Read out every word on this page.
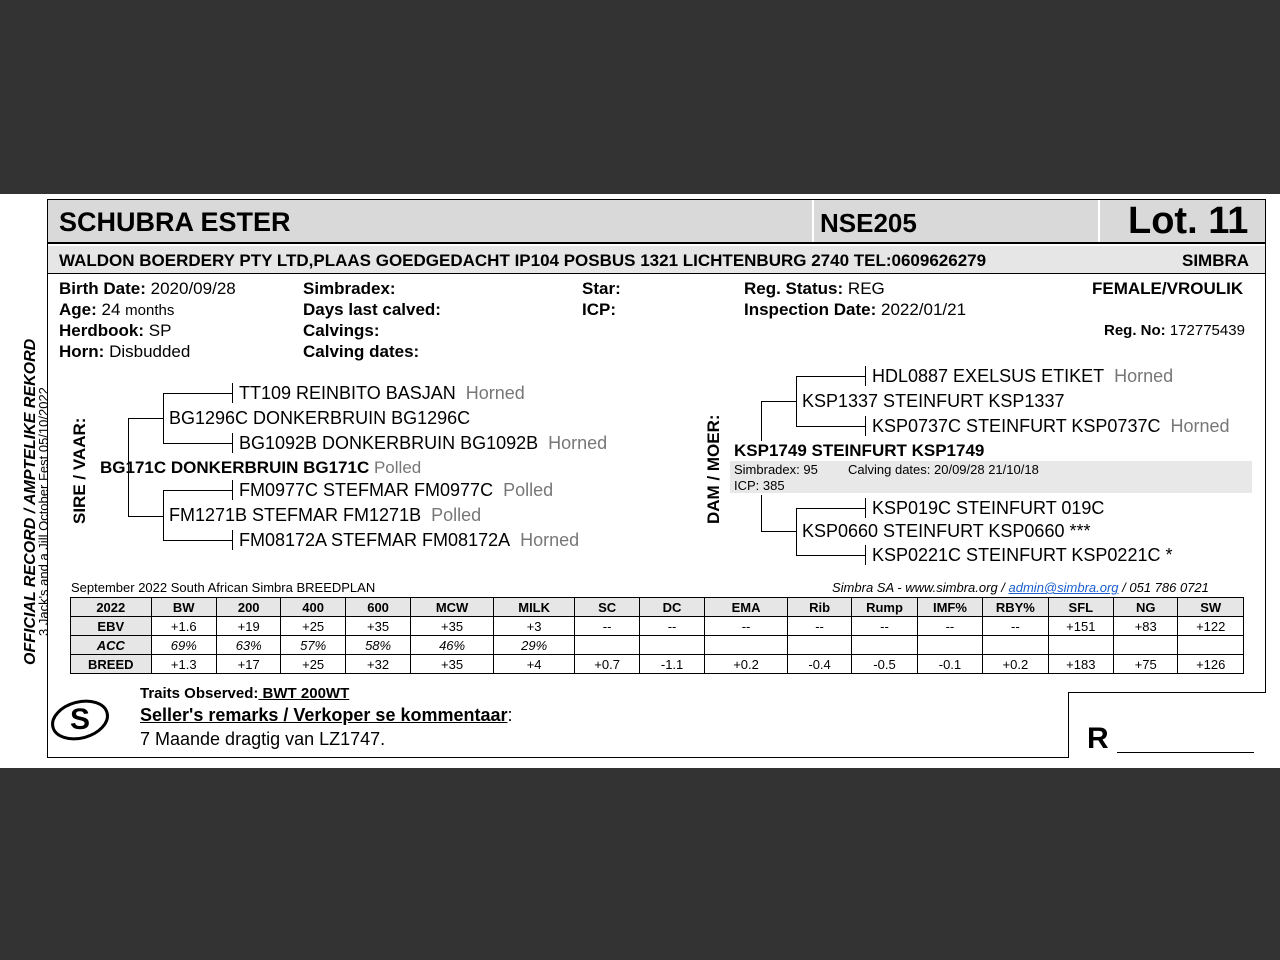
SCHUBRA ESTER	NSE205	Lot. 11
WALDON BOERDERY PTY LTD,PLAAS GOEDGEDACHT IP104 POSBUS 1321 LICHTENBURG 2740 TEL:0609626279	SIMBRA
Birth Date: 2020/09/28
Age: 24 months
Herdbook: SP
Horn: Disbudded
Simbradex:
Days last calved:
Calvings:
Calving dates:
Star:
ICP:
Reg. Status: REG
Inspection Date: 2022/01/21
FEMALE/VROULIK
Reg. No: 172775439
OFFICIAL RECORD / AMPTELIKE REKORD
3 Jack's and a Jill October Fest 05/10/2022 SIRE / VAAR:	DAM / MOER:
TT109 REINBITO BASJAN Horned
BG1296C DONKERBRUIN BG1296C
BG1092B DONKERBRUIN BG1092B Horned
BG171C DONKERBRUIN BG171C Polled
FM0977C STEFMAR FM0977C Polled
FM1271B STEFMAR FM1271B Polled
FM08172A STEFMAR FM08172A Horned
HDL0887 EXELSUS ETIKET Horned
KSP1337 STEINFURT KSP1337
KSP0737C STEINFURT KSP0737C Horned
KSP1749 STEINFURT KSP1749
Simbradex: 95 Calving dates: 20/09/28 21/10/18
ICP: 385
KSP019C STEINFURT 019C
KSP0660 STEINFURT KSP0660 ***
KSP0221C STEINFURT KSP0221C *
September 2022 South African Simbra BREEDPLAN	Simbra SA - www.simbra.org / admin@simbra.org / 051 786 0721
2022	BW	200	400	600	MCW	MILK	SC	DC	EMA	Rib	Rump	IMF%	RBY%	SFL	NG	SW
EBV	+1.6	+19	+25	+35	+35	+3	--	--	--	--	--	--	--	+151	+83	+122
ACC	69%	63%	57%	58%	46%	29%										
BREED	+1.3	+17	+25	+32	+35	+4	+0.7	-1.1	+0.2	-0.4	-0.5	-0.1	+0.2	+183	+75	+126
S
Traits Observed: BWT 200WT
Seller's remarks / Verkoper se kommentaar:
7 Maande dragtig van LZ1747.	R
